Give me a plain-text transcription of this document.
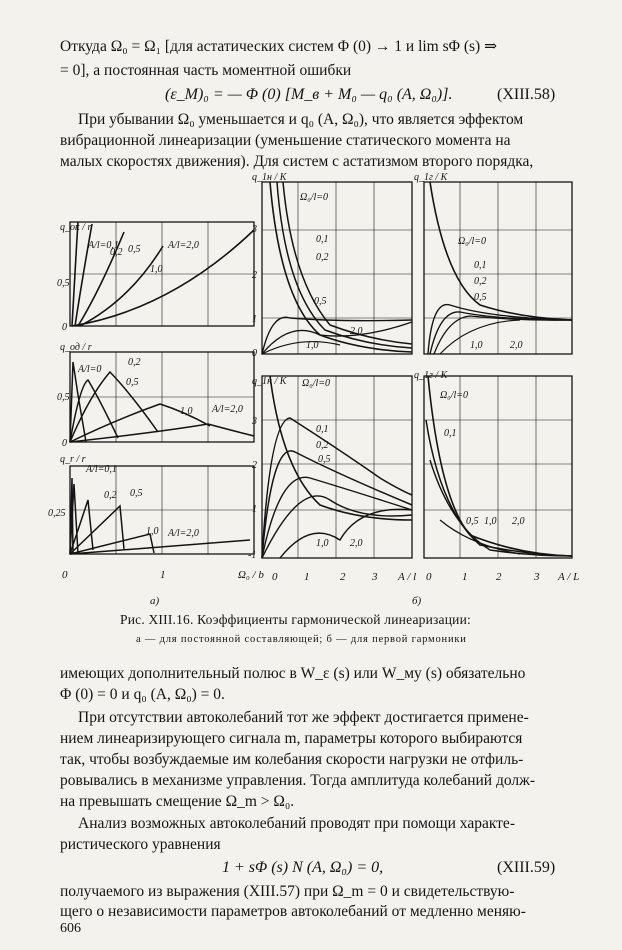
Откуда Ω₀ = Ω₁ [для астатических систем Φ (0) → 1 и lim sΦ (s) ⇒
= 0], а постоянная часть моментной ошибки
(ε_M)₀ = — Φ (0) [M_в + M₀ — q₀ (A, Ω₀)].	(XIII.58)
При убывании Ω₀ уменьшается и q₀ (A, Ω₀), что является эффектом
вибрационной линеаризации (уменьшение статического момента на
малых скоростях движения). Для систем с астатизмом второго порядка,
q_ок / r
0,5
0
A/l=0,1
0,2 0,5
1,0
A/l=2,0
q_од / r
0,5
0
A/l=0
0,2
0,5
1,0 A/l=2,0
q_r / r
0,25
A/l=0,1
0,2 0,5
1,0 A/l=2,0
0	1	Ω₀ / b
а)
q_1н / K
3
2
1
0
Ω₀/l=0
0,1
0,2
0,5
2,0
1,0
q_1н / K
3
2
1
-1
Ω₀/l=0
0,1
0,2
0,5
1,0 2,0
0 1	2 3 A / l
q_1г / K
Ω₀/l=0
0,1
0,2
0,5
1,0	2,0
q_1г / K
Ω₀/l=0
0,1
0,5 1,0 2,0
0	1	2	3 A / L
б)
Рис. XIII.16. Коэффициенты гармонической линеаризации:
а — для постоянной составляющей; б — для первой гармоники
имеющих дополнительный полюс в W_ε (s) или W_му (s) обязательно
Φ (0) = 0 и q₀ (A, Ω₀) = 0.
При отсутствии автоколебаний тот же эффект достигается примене-
нием линеаризирующего сигнала m, параметры которого выбираются
так, чтобы возбуждаемые им колебания скорости нагрузки не отфиль-
ровывались в механизме управления. Тогда амплитуда колебаний долж-
на превышать смещение Ω_m > Ω₀.
Анализ возможных автоколебаний проводят при помощи характе-
ристического уравнения
1 + sΦ (s) N (A, Ω₀) = 0,	(XIII.59)
получаемого из выражения (XIII.57) при Ω_m = 0 и свидетельствую-
щего о независимости параметров автоколебаний от медленно меняю-
606
